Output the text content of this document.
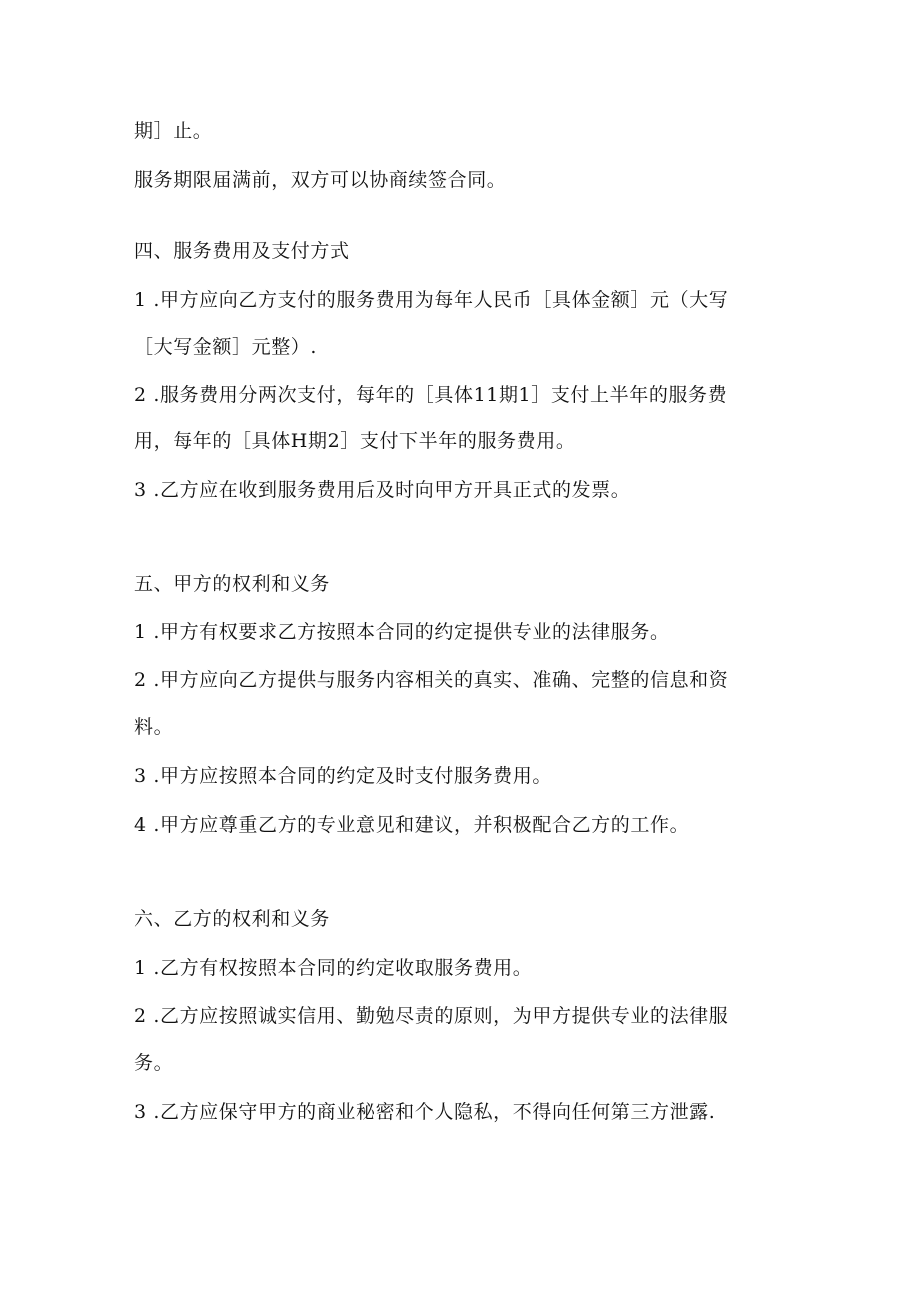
期］止。
服务期限届满前，双方可以协商续签合同。
四、服务费用及支付方式
1 .甲方应向乙方支付的服务费用为每年人民币［具体金额］元（大写
［大写金额］元整）.
2 .服务费用分两次支付，每年的［具体11期1］支付上半年的服务费
用，每年的［具体H期2］支付下半年的服务费用。
3 .乙方应在收到服务费用后及时向甲方开具正式的发票。
五、甲方的权利和义务
1 .甲方有权要求乙方按照本合同的约定提供专业的法律服务。
2 .甲方应向乙方提供与服务内容相关的真实、准确、完整的信息和资
料。
3 .甲方应按照本合同的约定及时支付服务费用。
4 .甲方应尊重乙方的专业意见和建议，并积极配合乙方的工作。
六、乙方的权利和义务
1 .乙方有权按照本合同的约定收取服务费用。
2 .乙方应按照诚实信用、勤勉尽责的原则，为甲方提供专业的法律服
务。
3 .乙方应保守甲方的商业秘密和个人隐私，不得向任何第三方泄露.
